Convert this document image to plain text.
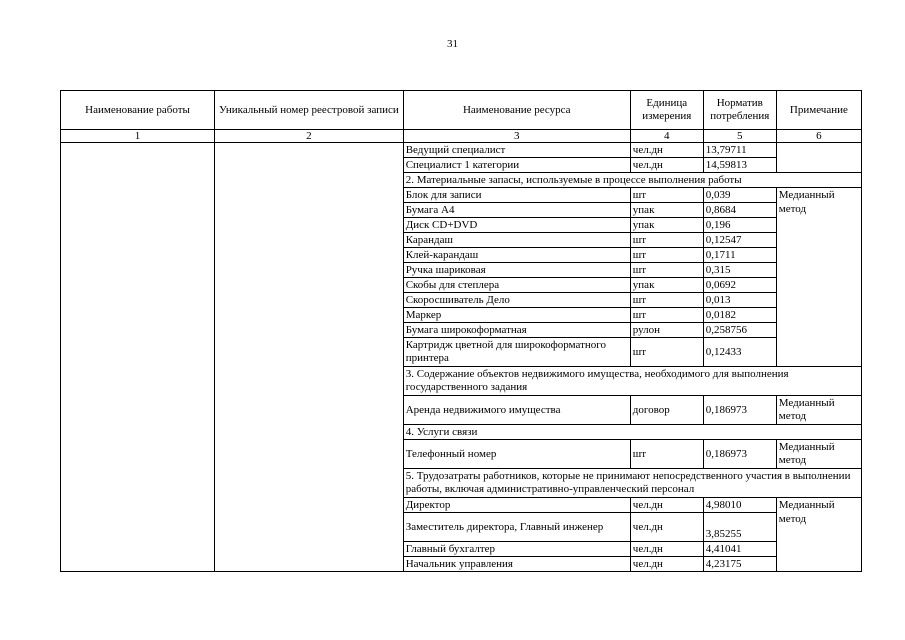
31
Наименование работы	Уникальный номер реестровой записи	Наименование ресурса	Единица измерения	Норматив потребления	Примечание
1	2	3	4	5	6
		Ведущий специалист	чел.дн	13,79711	
		Специалист 1 категории	чел.дн	14,59813	
		2. Материальные запасы, используемые в процессе выполнения работы			
		Блок для записи	шт	0,039	Медианный метод
		Бумага А4	упак	0,8684	
		Диск CD+DVD	упак	0,196	
		Карандаш	шт	0,12547	
		Клей-карандаш	шт	0,1711	
		Ручка шариковая	шт	0,315	
		Скобы для степлера	упак	0,0692	
		Скоросшиватель Дело	шт	0,013	
		Маркер	шт	0,0182	
		Бумага широкоформатная	рулон	0,258756	
		Картридж цветной для широкоформатного принтера	шт	0,12433	
		3. Содержание объектов недвижимого имущества, необходимого для выполнения государственного задания			
		Аренда недвижимого имущества	договор	0,186973	Медианный метод
		4. Услуги связи			
		Телефонный номер	шт	0,186973	Медианный метод
		5. Трудозатраты работников, которые не принимают непосредственного участия в выполнении работы, включая административно-управленческий персонал			
		Директор	чел.дн	4,98010	Медианный метод
		Заместитель директора, Главный инженер	чел.дн	3,85255	
		Главный бухгалтер	чел.дн	4,41041	
		Начальник управления	чел.дн	4,23175	
